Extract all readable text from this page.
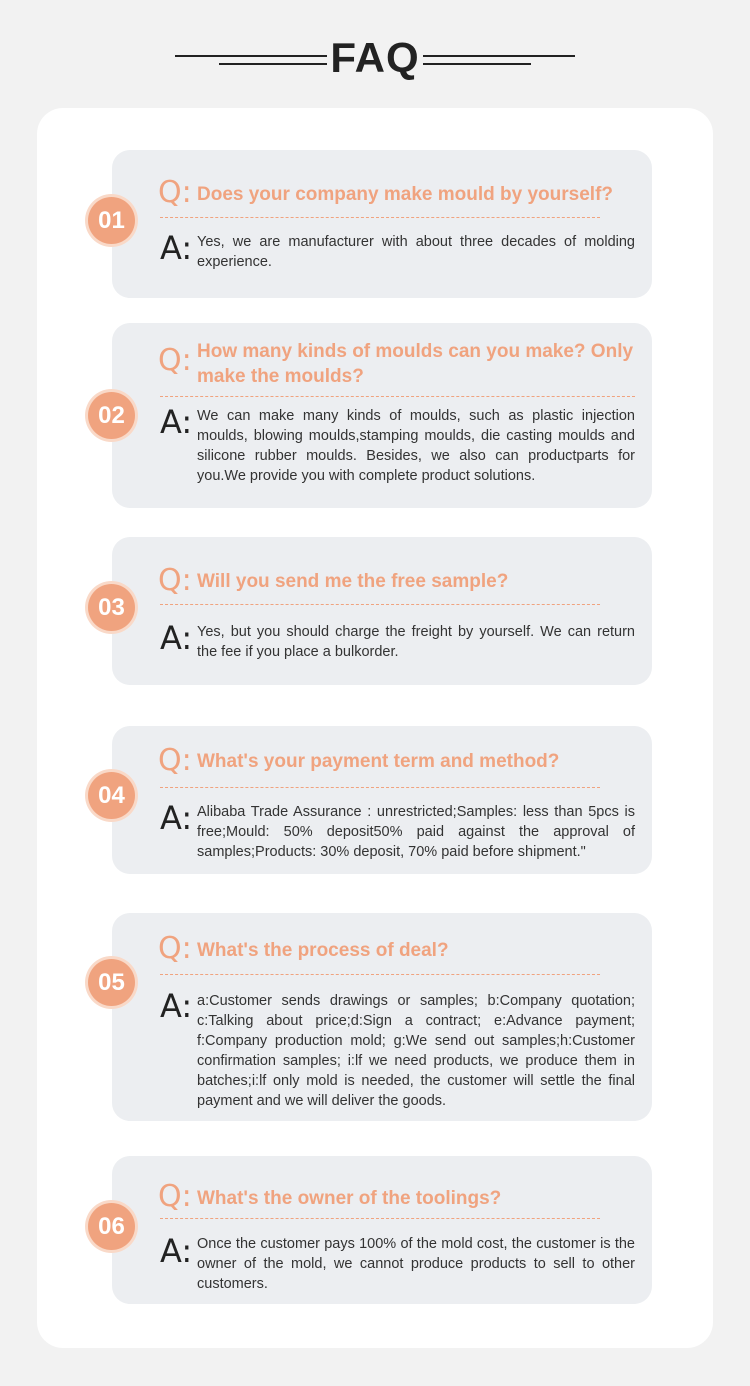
FAQ
01
Q: Does your company make mould by yourself?
A: Yes, we are manufacturer with about three decades of molding experience.
02
Q: How many kinds of moulds can you make? Only make the moulds?
A: We can make many kinds of moulds, such as plastic injection moulds, blowing moulds,stamping moulds, die casting moulds and silicone rubber moulds. Besides, we also can productparts for you.We provide you with complete product solutions.
03
Q: Will you send me the free sample?
A: Yes, but you should charge the freight by yourself. We can return the fee if you place a bulkorder.
04
Q: What's your payment term and method?
A: Alibaba Trade Assurance : unrestricted;Samples: less than 5pcs is free;Mould: 50% deposit50% paid against the approval of samples;Products: 30% deposit, 70% paid before shipment."
05
Q: What's the process of deal?
A: a:Customer sends drawings or samples; b:Company quotation; c:Talking about price;d:Sign a contract; e:Advance payment; f:Company production mold; g:We send out samples;h:Customer confirmation samples; i:lf we need products, we produce them in batches;i:lf only mold is needed, the customer will settle the final payment and we will deliver the goods.
06
Q: What's the owner of the toolings?
A: Once the customer pays 100% of the mold cost, the customer is the owner of the mold, we cannot produce products to sell to other customers.
